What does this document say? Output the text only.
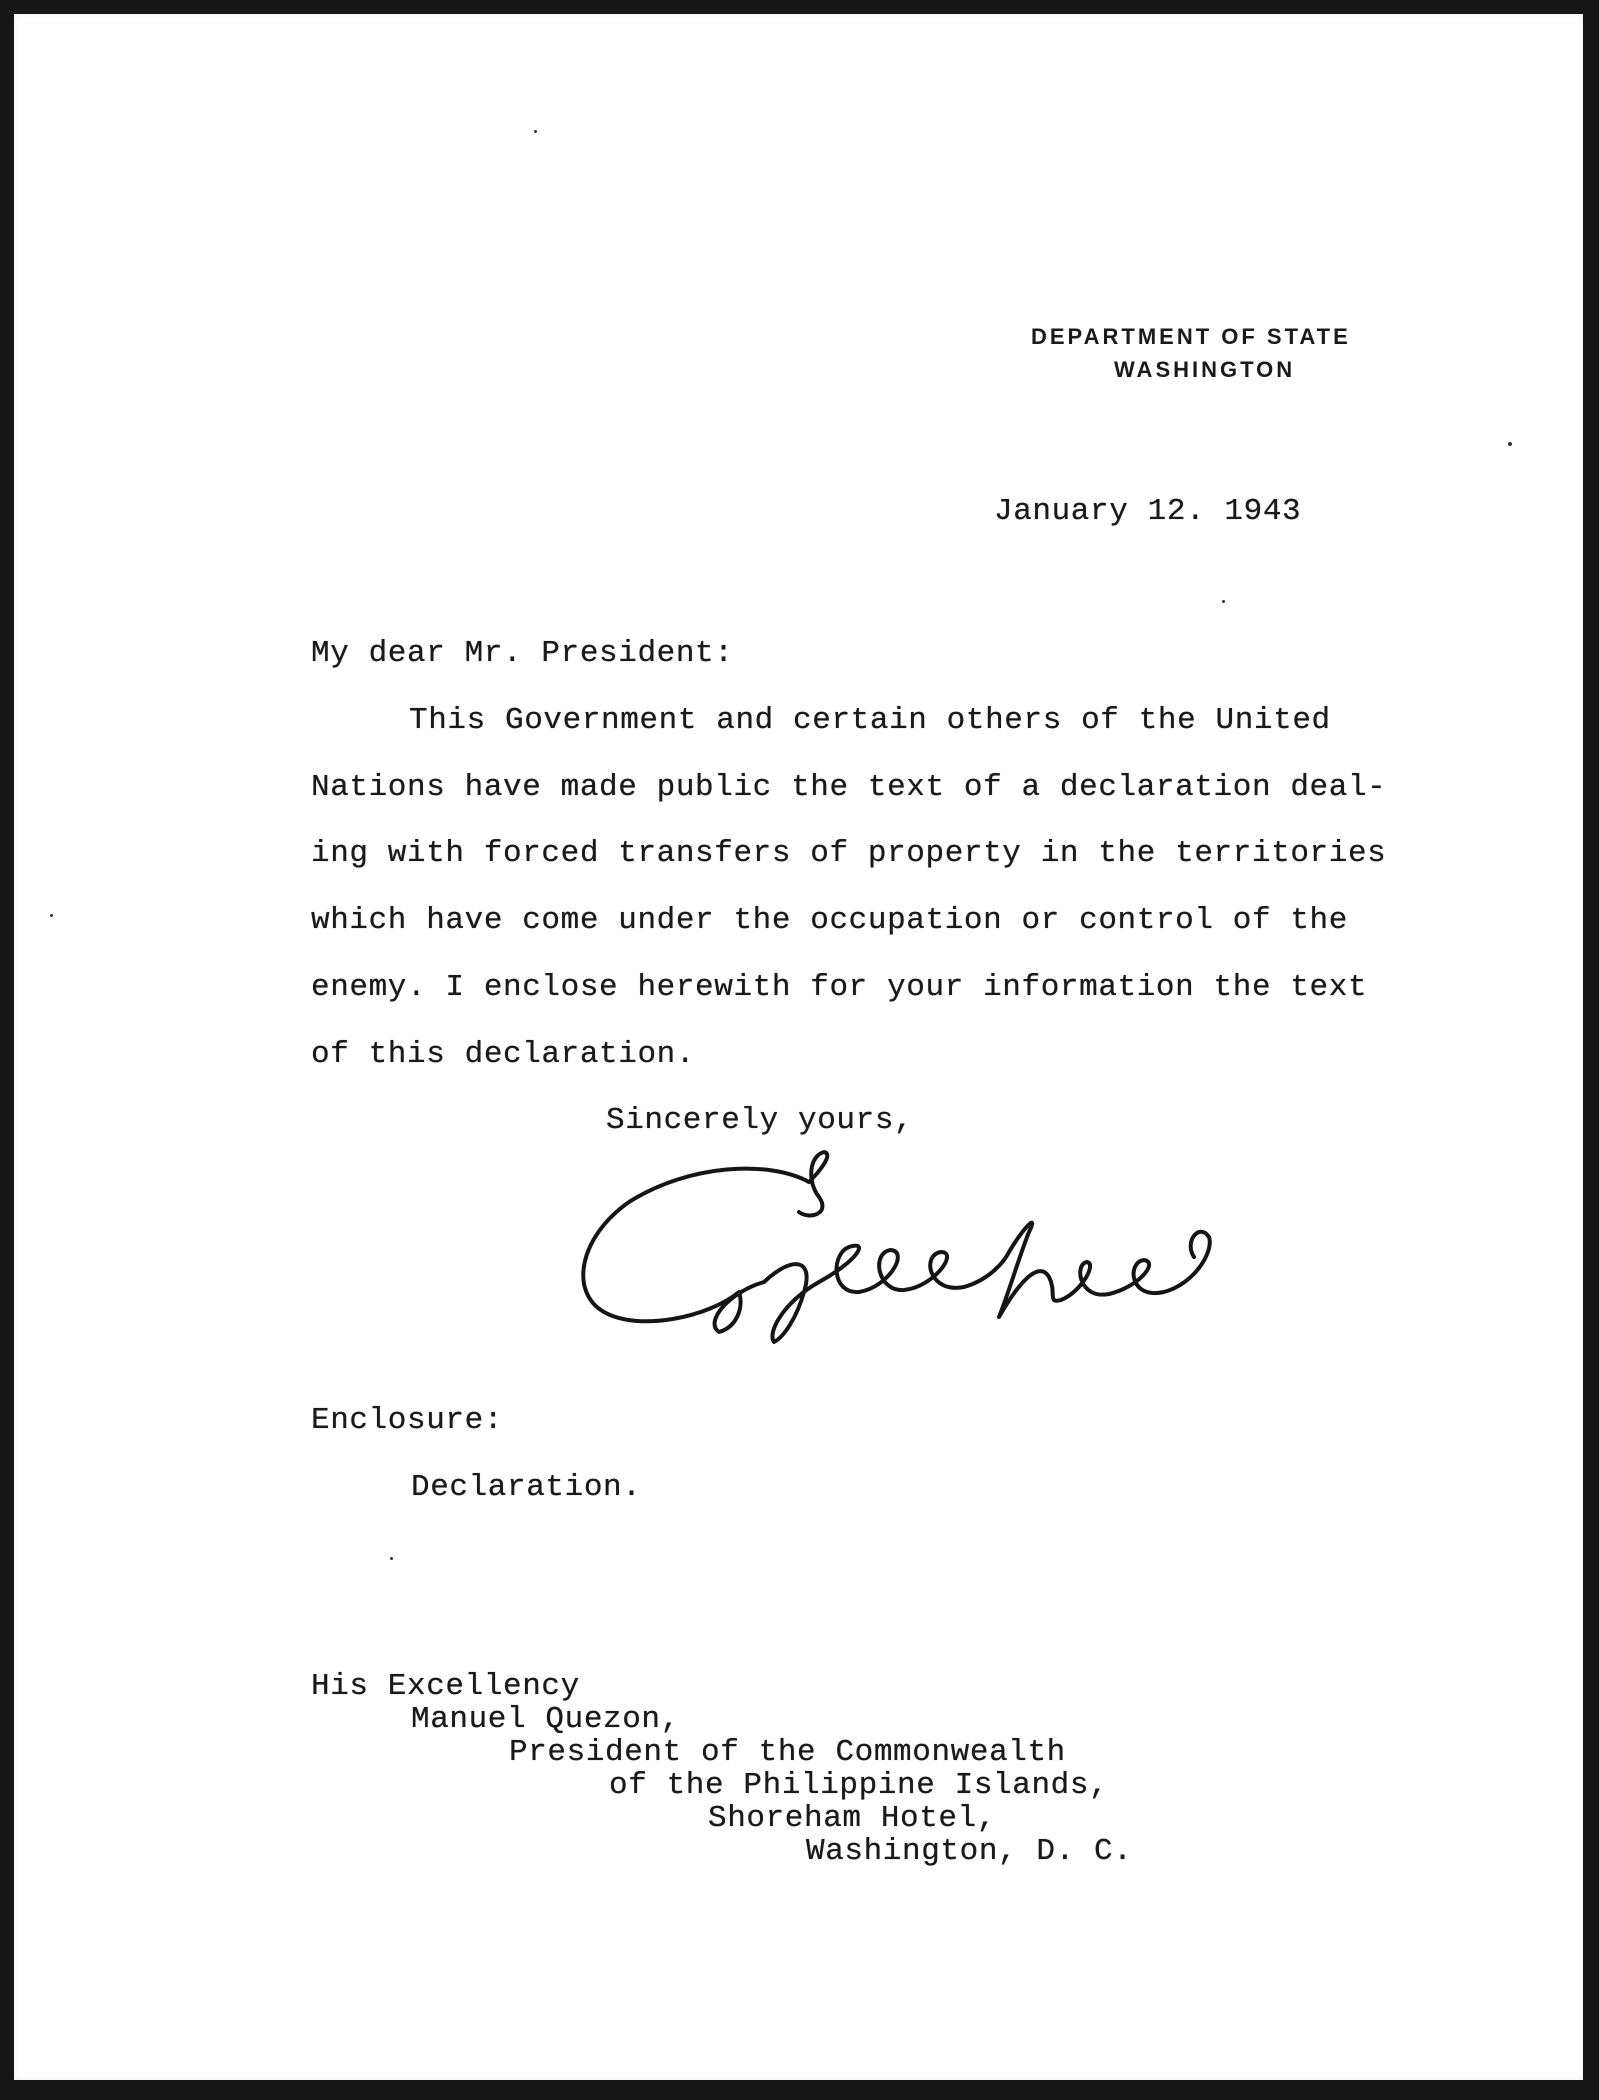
DEPARTMENT OF STATE

WASHINGTON

January 12. 1943

My dear Mr. President:

This Government and certain others of the United

Nations have made public the text of a declaration deal-

ing with forced transfers of property in the territories

which have come under the occupation or control of the

enemy. I enclose herewith for your information the text

of this declaration.

Sincerely yours,

Enclosure:

Declaration.

His Excellency

Manuel Quezon,

President of the Commonwealth

of the Philippine Islands,

Shoreham Hotel,

Washington, D. C.
